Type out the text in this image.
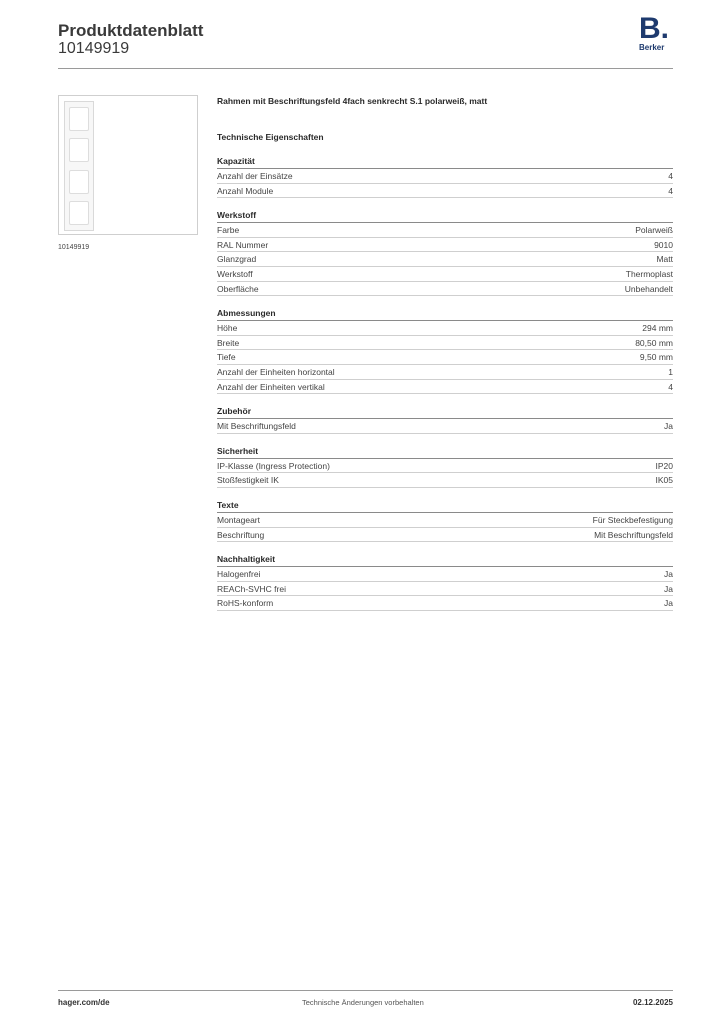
Produktdatenblatt
10149919
B.
Berker
10149919
Rahmen mit Beschriftungsfeld 4fach senkrecht S.1 polarweiß, matt
Technische Eigenschaften
Kapazität
Anzahl der Einsätze	4
Anzahl Module	4
Werkstoff
Farbe	Polarweiß
RAL Nummer	9010
Glanzgrad	Matt
Werkstoff	Thermoplast
Oberfläche	Unbehandelt
Abmessungen
Höhe	294 mm
Breite	80,50 mm
Tiefe	9,50 mm
Anzahl der Einheiten horizontal	1
Anzahl der Einheiten vertikal	4
Zubehör
Mit Beschriftungsfeld	Ja
Sicherheit
IP-Klasse (Ingress Protection)	IP20
Stoßfestigkeit IK	IK05
Texte
Montageart	Für Steckbefestigung
Beschriftung	Mit Beschriftungsfeld
Nachhaltigkeit
Halogenfrei	Ja
REACh-SVHC frei	Ja
RoHS-konform	Ja
hager.com/de	Technische Änderungen vorbehalten	02.12.2025
